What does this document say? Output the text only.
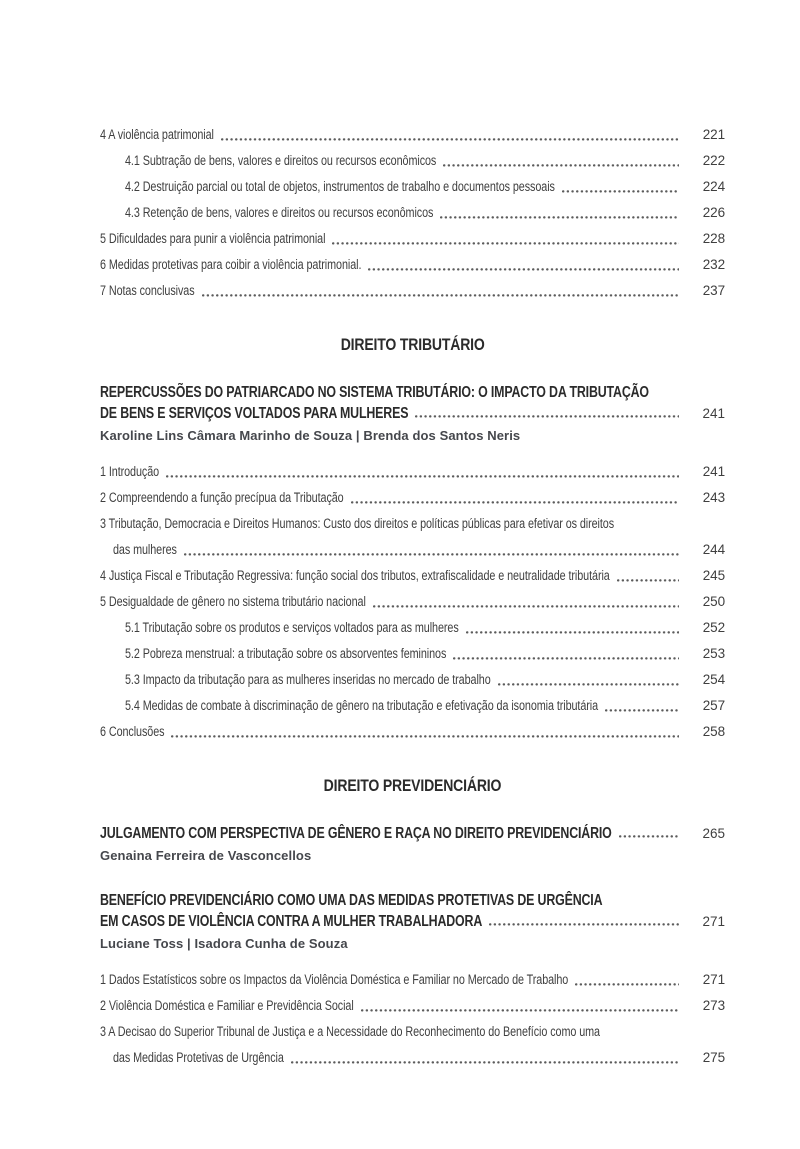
4 A violência patrimonial	221
4.1 Subtração de bens, valores e direitos ou recursos econômicos	222
4.2 Destruição parcial ou total de objetos, instrumentos de trabalho e documentos pessoais	224
4.3 Retenção de bens, valores e direitos ou recursos econômicos	226
5 Dificuldades para punir a violência patrimonial	228
6 Medidas protetivas para coibir a violência patrimonial.	232
7 Notas conclusivas	237
DIREITO TRIBUTÁRIO
REPERCUSSÕES DO PATRIARCADO NO SISTEMA TRIBUTÁRIO: O IMPACTO DA TRIBUTAÇÃO
DE BENS E SERVIÇOS VOLTADOS PARA MULHERES	241
Karoline Lins Câmara Marinho de Souza | Brenda dos Santos Neris
1 Introdução	241
2 Compreendendo a função precípua da Tributação	243
3 Tributação, Democracia e Direitos Humanos: Custo dos direitos e políticas públicas para efetivar os direitos
das mulheres	244
4 Justiça Fiscal e Tributação Regressiva: função social dos tributos, extrafiscalidade e neutralidade tributária	245
5 Desigualdade de gênero no sistema tributário nacional	250
5.1 Tributação sobre os produtos e serviços voltados para as mulheres	252
5.2 Pobreza menstrual: a tributação sobre os absorventes femininos	253
5.3 Impacto da tributação para as mulheres inseridas no mercado de trabalho	254
5.4 Medidas de combate à discriminação de gênero na tributação e efetivação da isonomia tributária	257
6 Conclusões	258
DIREITO PREVIDENCIÁRIO
JULGAMENTO COM PERSPECTIVA DE GÊNERO E RAÇA NO DIREITO PREVIDENCIÁRIO	265
Genaina Ferreira de Vasconcellos
BENEFÍCIO PREVIDENCIÁRIO COMO UMA DAS MEDIDAS PROTETIVAS DE URGÊNCIA
EM CASOS DE VIOLÊNCIA CONTRA A MULHER TRABALHADORA	271
Luciane Toss | Isadora Cunha de Souza
1 Dados Estatísticos sobre os Impactos da Violência Doméstica e Familiar no Mercado de Trabalho	271
2 Violência Doméstica e Familiar e Previdência Social	273
3 A Decisao do Superior Tribunal de Justiça e a Necessidade do Reconhecimento do Benefício como uma
das Medidas Protetivas de Urgência	275
